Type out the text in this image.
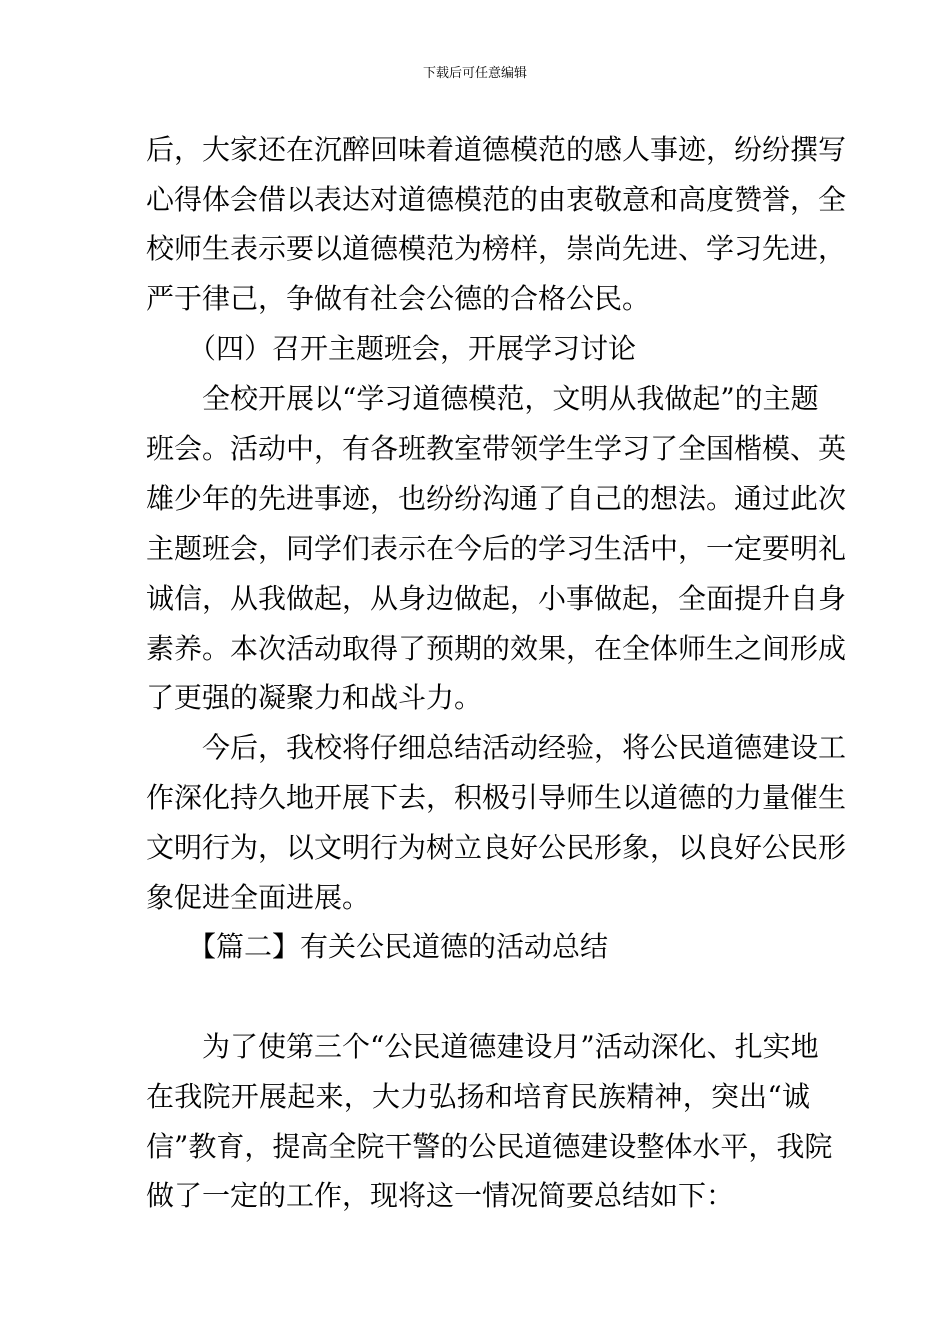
下载后可任意编辑
后，大家还在沉醉回味着道德模范的感人事迹，纷纷撰写
心得体会借以表达对道德模范的由衷敬意和高度赞誉，全
校师生表示要以道德模范为榜样，崇尚先进、学习先进，
严于律己，争做有社会公德的合格公民。
（四）召开主题班会，开展学习讨论
全校开展以“学习道德模范，文明从我做起”的主题
班会。活动中，有各班教室带领学生学习了全国楷模、英
雄少年的先进事迹，也纷纷沟通了自己的想法。通过此次
主题班会，同学们表示在今后的学习生活中，一定要明礼
诚信，从我做起，从身边做起，小事做起，全面提升自身
素养。本次活动取得了预期的效果，在全体师生之间形成
了更强的凝聚力和战斗力。
今后，我校将仔细总结活动经验，将公民道德建设工
作深化持久地开展下去，积极引导师生以道德的力量催生
文明行为，以文明行为树立良好公民形象，以良好公民形
象促进全面进展。
【篇二】有关公民道德的活动总结
为了使第三个“公民道德建设月”活动深化、扎实地
在我院开展起来，大力弘扬和培育民族精神，突出“诚
信”教育，提高全院干警的公民道德建设整体水平，我院
做了一定的工作，现将这一情况简要总结如下：
